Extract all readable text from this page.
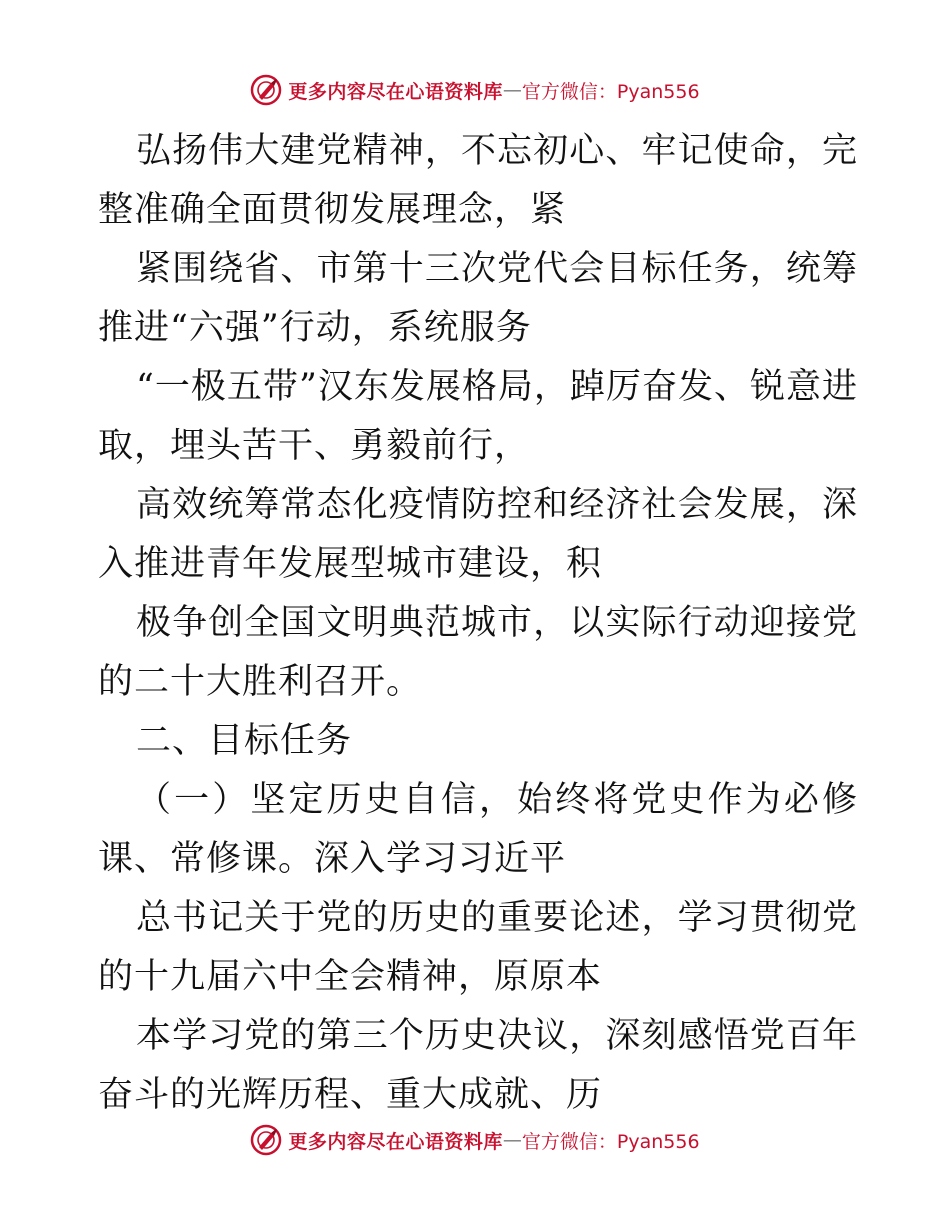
更多内容尽在心语资料库 — 官方微信：Pyan556

弘扬伟大建党精神，不忘初心、牢记使命，完整准确全面贯彻发展理念，紧

紧围绕省、市第十三次党代会目标任务，统筹推进“六强”行动，系统服务

“一极五带”汉东发展格局，踔厉奋发、锐意进取，埋头苦干、勇毅前行，

高效统筹常态化疫情防控和经济社会发展，深入推进青年发展型城市建设，积

极争创全国文明典范城市，以实际行动迎接党的二十大胜利召开。

二、目标任务

（一）坚定历史自信，始终将党史作为必修课、常修课。深入学习习近平

总书记关于党的历史的重要论述，学习贯彻党的十九届六中全会精神，原原本

本学习党的第三个历史决议，深刻感悟党百年奋斗的光辉历程、重大成就、历

更多内容尽在心语资料库 — 官方微信：Pyan556
